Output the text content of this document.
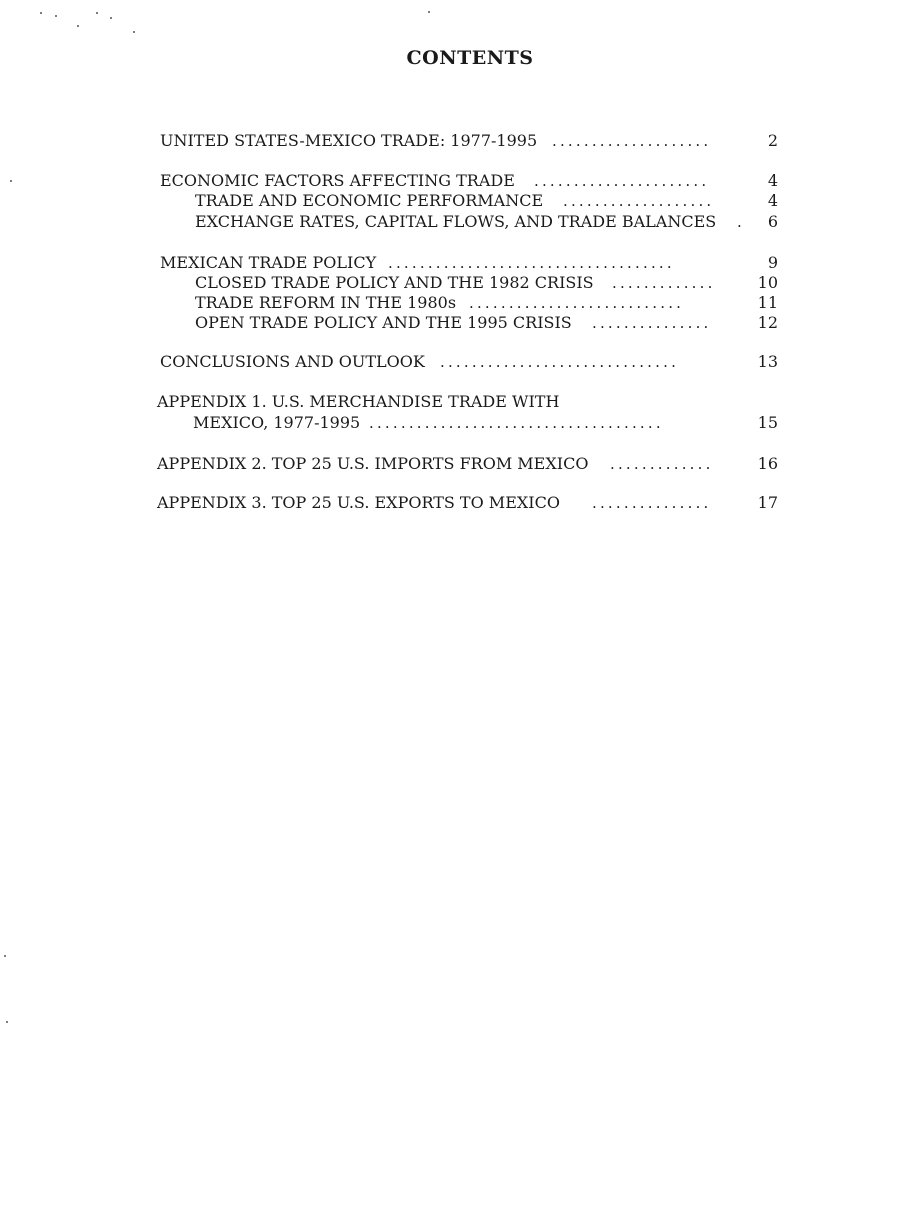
CONTENTS
UNITED STATES-MEXICO TRADE: 1977-1995 ....................	2
ECONOMIC FACTORS AFFECTING TRADE ......................	4
TRADE AND ECONOMIC PERFORMANCE ...................	4
EXCHANGE RATES, CAPITAL FLOWS, AND TRADE BALANCES .	6
MEXICAN TRADE POLICY ....................................	9
CLOSED TRADE POLICY AND THE 1982 CRISIS .............	10
TRADE REFORM IN THE 1980s ...........................	11
OPEN TRADE POLICY AND THE 1995 CRISIS ...............	12
CONCLUSIONS AND OUTLOOK ..............................	13
APPENDIX 1. U.S. MERCHANDISE TRADE WITH
MEXICO, 1977-1995 .....................................	15
APPENDIX 2. TOP 25 U.S. IMPORTS FROM MEXICO .............	16
APPENDIX 3. TOP 25 U.S. EXPORTS TO MEXICO ...............	17
